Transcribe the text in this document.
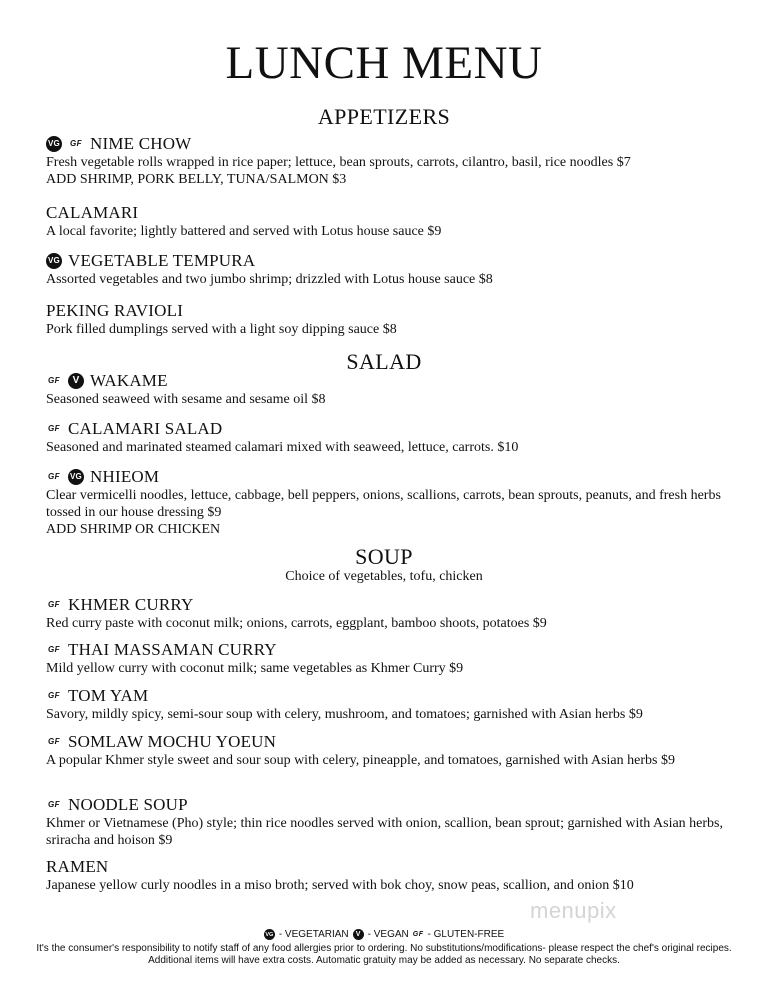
LUNCH MENU
APPETIZERS
VG GF NIME CHOW
Fresh vegetable rolls wrapped in rice paper; lettuce, bean sprouts, carrots, cilantro, basil, rice noodles $7
ADD SHRIMP, PORK BELLY, TUNA/SALMON $3
CALAMARI
A local favorite; lightly battered and served with Lotus house sauce $9
VG VEGETABLE TEMPURA
Assorted vegetables and two jumbo shrimp; drizzled with Lotus house sauce $8
PEKING RAVIOLI
Pork filled dumplings served with a light soy dipping sauce $8
SALAD
GF	V WAKAME
Seasoned seaweed with sesame and sesame oil $8
GF CALAMARI SALAD
Seasoned and marinated steamed calamari mixed with seaweed, lettuce, carrots. $10
GF VG NHIEOM
Clear vermicelli noodles, lettuce, cabbage, bell peppers, onions, scallions, carrots, bean sprouts, peanuts, and fresh herbs tossed in our house dressing $9
ADD SHRIMP OR CHICKEN
SOUP
Choice of vegetables, tofu, chicken
GF KHMER CURRY
Red curry paste with coconut milk; onions, carrots, eggplant, bamboo shoots, potatoes $9
GF THAI MASSAMAN CURRY
Mild yellow curry with coconut milk; same vegetables as Khmer Curry $9
GF TOM YAM
Savory, mildly spicy, semi-sour soup with celery, mushroom, and tomatoes; garnished with Asian herbs $9
GF SOMLAW MOCHU YOEUN
A popular Khmer style sweet and sour soup with celery, pineapple, and tomatoes, garnished with Asian herbs $9
GF NOODLE SOUP
Khmer or Vietnamese (Pho) style; thin rice noodles served with onion, scallion, bean sprout; garnished with Asian herbs, sriracha and hoison $9
RAMEN
Japanese yellow curly noodles in a miso broth; served with bok choy, snow peas, scallion, and onion $10
menupix
VG - VEGETARIAN	V - VEGAN GF - GLUTEN-FREE
It's the consumer's responsibility to notify staff of any food allergies prior to ordering. No substitutions/modifications- please respect the chef's original recipes. Additional items will have extra costs. Automatic gratuity may be added as necessary. No separate checks.
